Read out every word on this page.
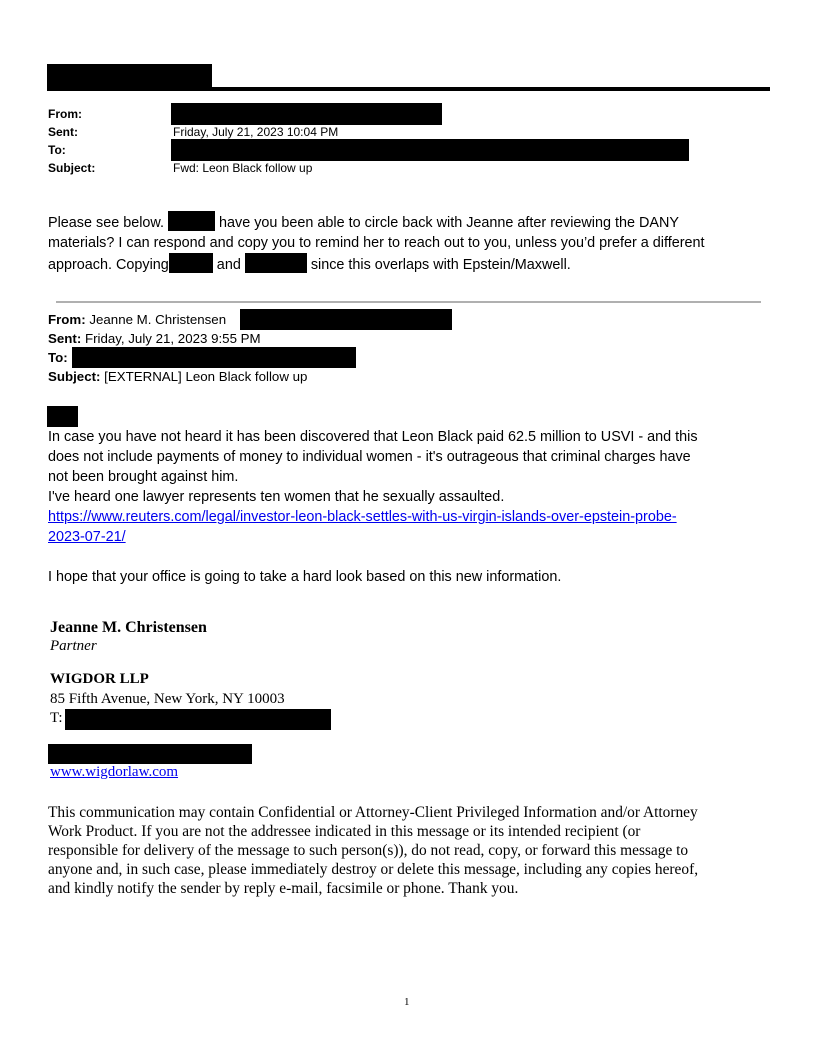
From:
Sent:	Friday, July 21, 2023 10:04 PM
To:
Subject:	Fwd: Leon Black follow up
Please see below.	have you been able to circle back with Jeanne after reviewing the DANY
materials? I can respond and copy you to remind her to reach out to you, unless you’d prefer a different
approach. Copying	and	since this overlaps with Epstein/Maxwell.
From: Jeanne M. Christensen
Sent: Friday, July 21, 2023 9:55 PM
To:
Subject: [EXTERNAL] Leon Black follow up
In case you have not heard it has been discovered that Leon Black paid 62.5 million to USVI - and this
does not include payments of money to individual women - it's outrageous that criminal charges have
not been brought against him.
I've heard one lawyer represents ten women that he sexually assaulted.
https://www.reuters.com/legal/investor-leon-black-settles-with-us-virgin-islands-over-epstein-probe-
2023-07-21/
I hope that your office is going to take a hard look based on this new information.
Jeanne M. Christensen
Partner
WIGDOR LLP
85 Fifth Avenue, New York, NY 10003
T:
www.wigdorlaw.com
This communication may contain Confidential or Attorney-Client Privileged Information and/or Attorney
Work Product. If you are not the addressee indicated in this message or its intended recipient (or
responsible for delivery of the message to such person(s)), do not read, copy, or forward this message to
anyone and, in such case, please immediately destroy or delete this message, including any copies hereof,
and kindly notify the sender by reply e-mail, facsimile or phone. Thank you.
1
